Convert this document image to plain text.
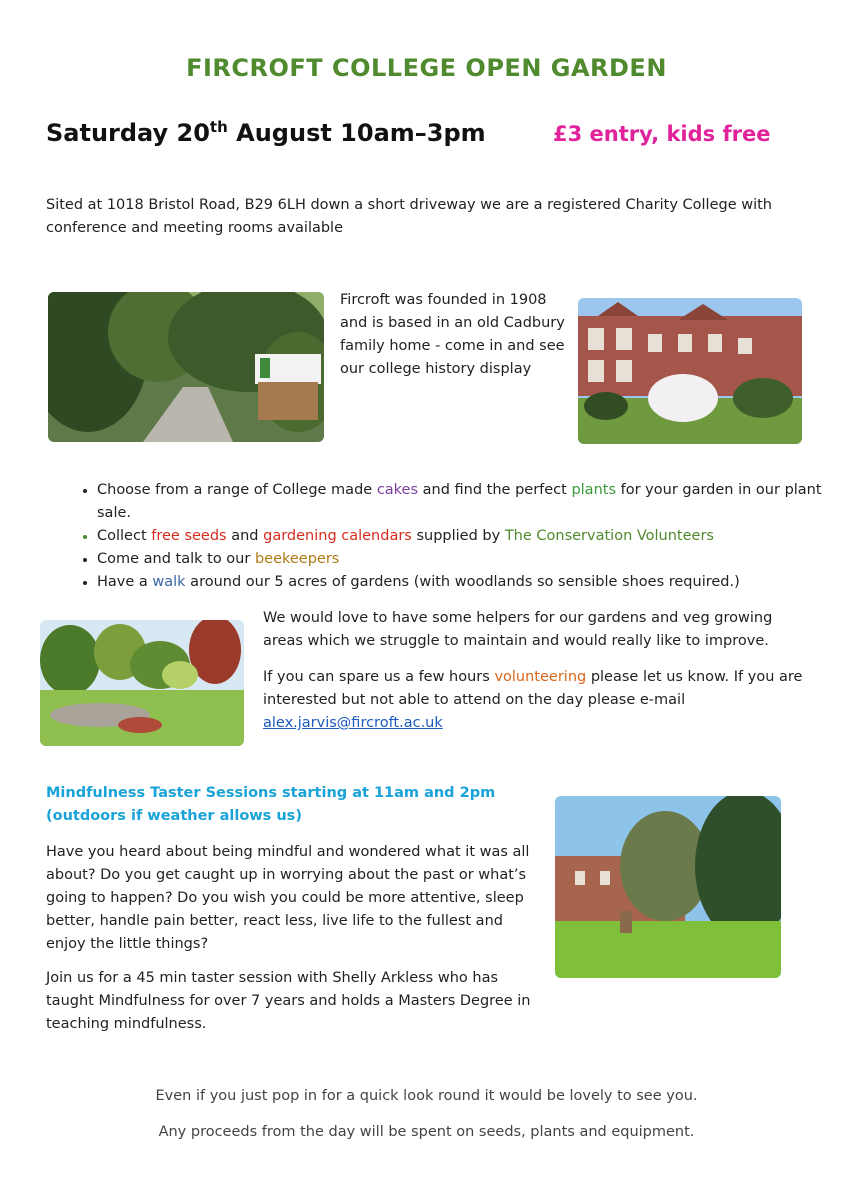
FIRCROFT COLLEGE OPEN GARDEN
Saturday 20th August 10am–3pm	£3 entry, kids free

Sited at 1018 Bristol Road, B29 6LH down a short driveway we are a registered Charity College with conference and meeting rooms available

Fircroft was founded in 1908 and is based in an old Cadbury family home - come in and see our college history display

• Choose from a range of College made cakes and find the perfect plants for your garden in our plant sale.
• Collect free seeds and gardening calendars supplied by The Conservation Volunteers
• Come and talk to our beekeepers
• Have a walk around our 5 acres of gardens (with woodlands so sensible shoes required.)

We would love to have some helpers for our gardens and veg growing areas which we struggle to maintain and would really like to improve.

If you can spare us a few hours volunteering please let us know. If you are interested but not able to attend on the day please e-mail alex.jarvis@fircroft.ac.uk

Mindfulness Taster Sessions starting at 11am and 2pm (outdoors if weather allows us)

Have you heard about being mindful and wondered what it was all about? Do you get caught up in worrying about the past or what’s going to happen? Do you wish you could be more attentive, sleep better, handle pain better, react less, live life to the fullest and enjoy the little things?

Join us for a 45 min taster session with Shelly Arkless who has taught Mindfulness for over 7 years and holds a Masters Degree in teaching mindfulness.

Even if you just pop in for a quick look round it would be lovely to see you.

Any proceeds from the day will be spent on seeds, plants and equipment.
